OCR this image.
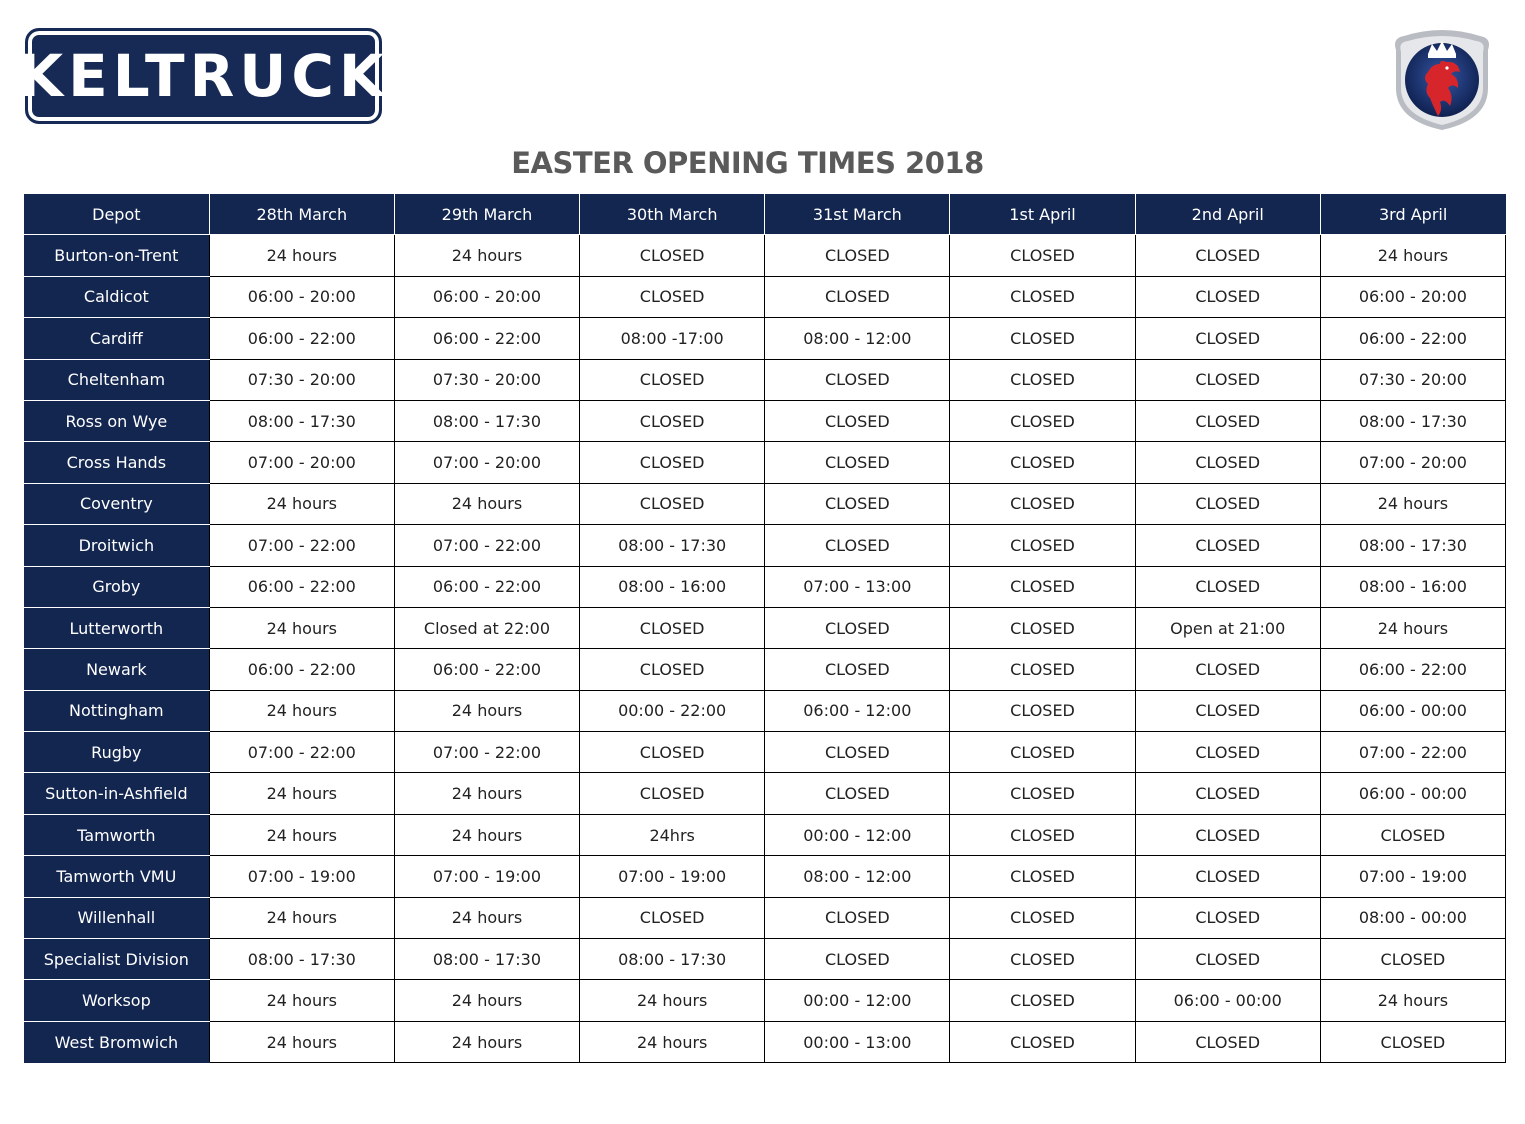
KELTRUCK
EASTER OPENING TIMES 2018
Depot	28th March	29th March	30th March	31st March	1st April	2nd April	3rd April
Burton-on-Trent	24 hours	24 hours	CLOSED	CLOSED	CLOSED	CLOSED	24 hours
Caldicot	06:00 - 20:00	06:00 - 20:00	CLOSED	CLOSED	CLOSED	CLOSED	06:00 - 20:00
Cardiff	06:00 - 22:00	06:00 - 22:00	08:00 -17:00	08:00 - 12:00	CLOSED	CLOSED	06:00 - 22:00
Cheltenham	07:30 - 20:00	07:30 - 20:00	CLOSED	CLOSED	CLOSED	CLOSED	07:30 - 20:00
Ross on Wye	08:00 - 17:30	08:00 - 17:30	CLOSED	CLOSED	CLOSED	CLOSED	08:00 - 17:30
Cross Hands	07:00 - 20:00	07:00 - 20:00	CLOSED	CLOSED	CLOSED	CLOSED	07:00 - 20:00
Coventry	24 hours	24 hours	CLOSED	CLOSED	CLOSED	CLOSED	24 hours
Droitwich	07:00 - 22:00	07:00 - 22:00	08:00 - 17:30	CLOSED	CLOSED	CLOSED	08:00 - 17:30
Groby	06:00 - 22:00	06:00 - 22:00	08:00 - 16:00	07:00 - 13:00	CLOSED	CLOSED	08:00 - 16:00
Lutterworth	24 hours	Closed at 22:00	CLOSED	CLOSED	CLOSED	Open at 21:00	24 hours
Newark	06:00 - 22:00	06:00 - 22:00	CLOSED	CLOSED	CLOSED	CLOSED	06:00 - 22:00
Nottingham	24 hours	24 hours	00:00 - 22:00	06:00 - 12:00	CLOSED	CLOSED	06:00 - 00:00
Rugby	07:00 - 22:00	07:00 - 22:00	CLOSED	CLOSED	CLOSED	CLOSED	07:00 - 22:00
Sutton-in-Ashfield	24 hours	24 hours	CLOSED	CLOSED	CLOSED	CLOSED	06:00 - 00:00
Tamworth	24 hours	24 hours	24hrs	00:00 - 12:00	CLOSED	CLOSED	CLOSED
Tamworth VMU	07:00 - 19:00	07:00 - 19:00	07:00 - 19:00	08:00 - 12:00	CLOSED	CLOSED	07:00 - 19:00
Willenhall	24 hours	24 hours	CLOSED	CLOSED	CLOSED	CLOSED	08:00 - 00:00
Specialist Division	08:00 - 17:30	08:00 - 17:30	08:00 - 17:30	CLOSED	CLOSED	CLOSED	CLOSED
Worksop	24 hours	24 hours	24 hours	00:00 - 12:00	CLOSED	06:00 - 00:00	24 hours
West Bromwich	24 hours	24 hours	24 hours	00:00 - 13:00	CLOSED	CLOSED	CLOSED
